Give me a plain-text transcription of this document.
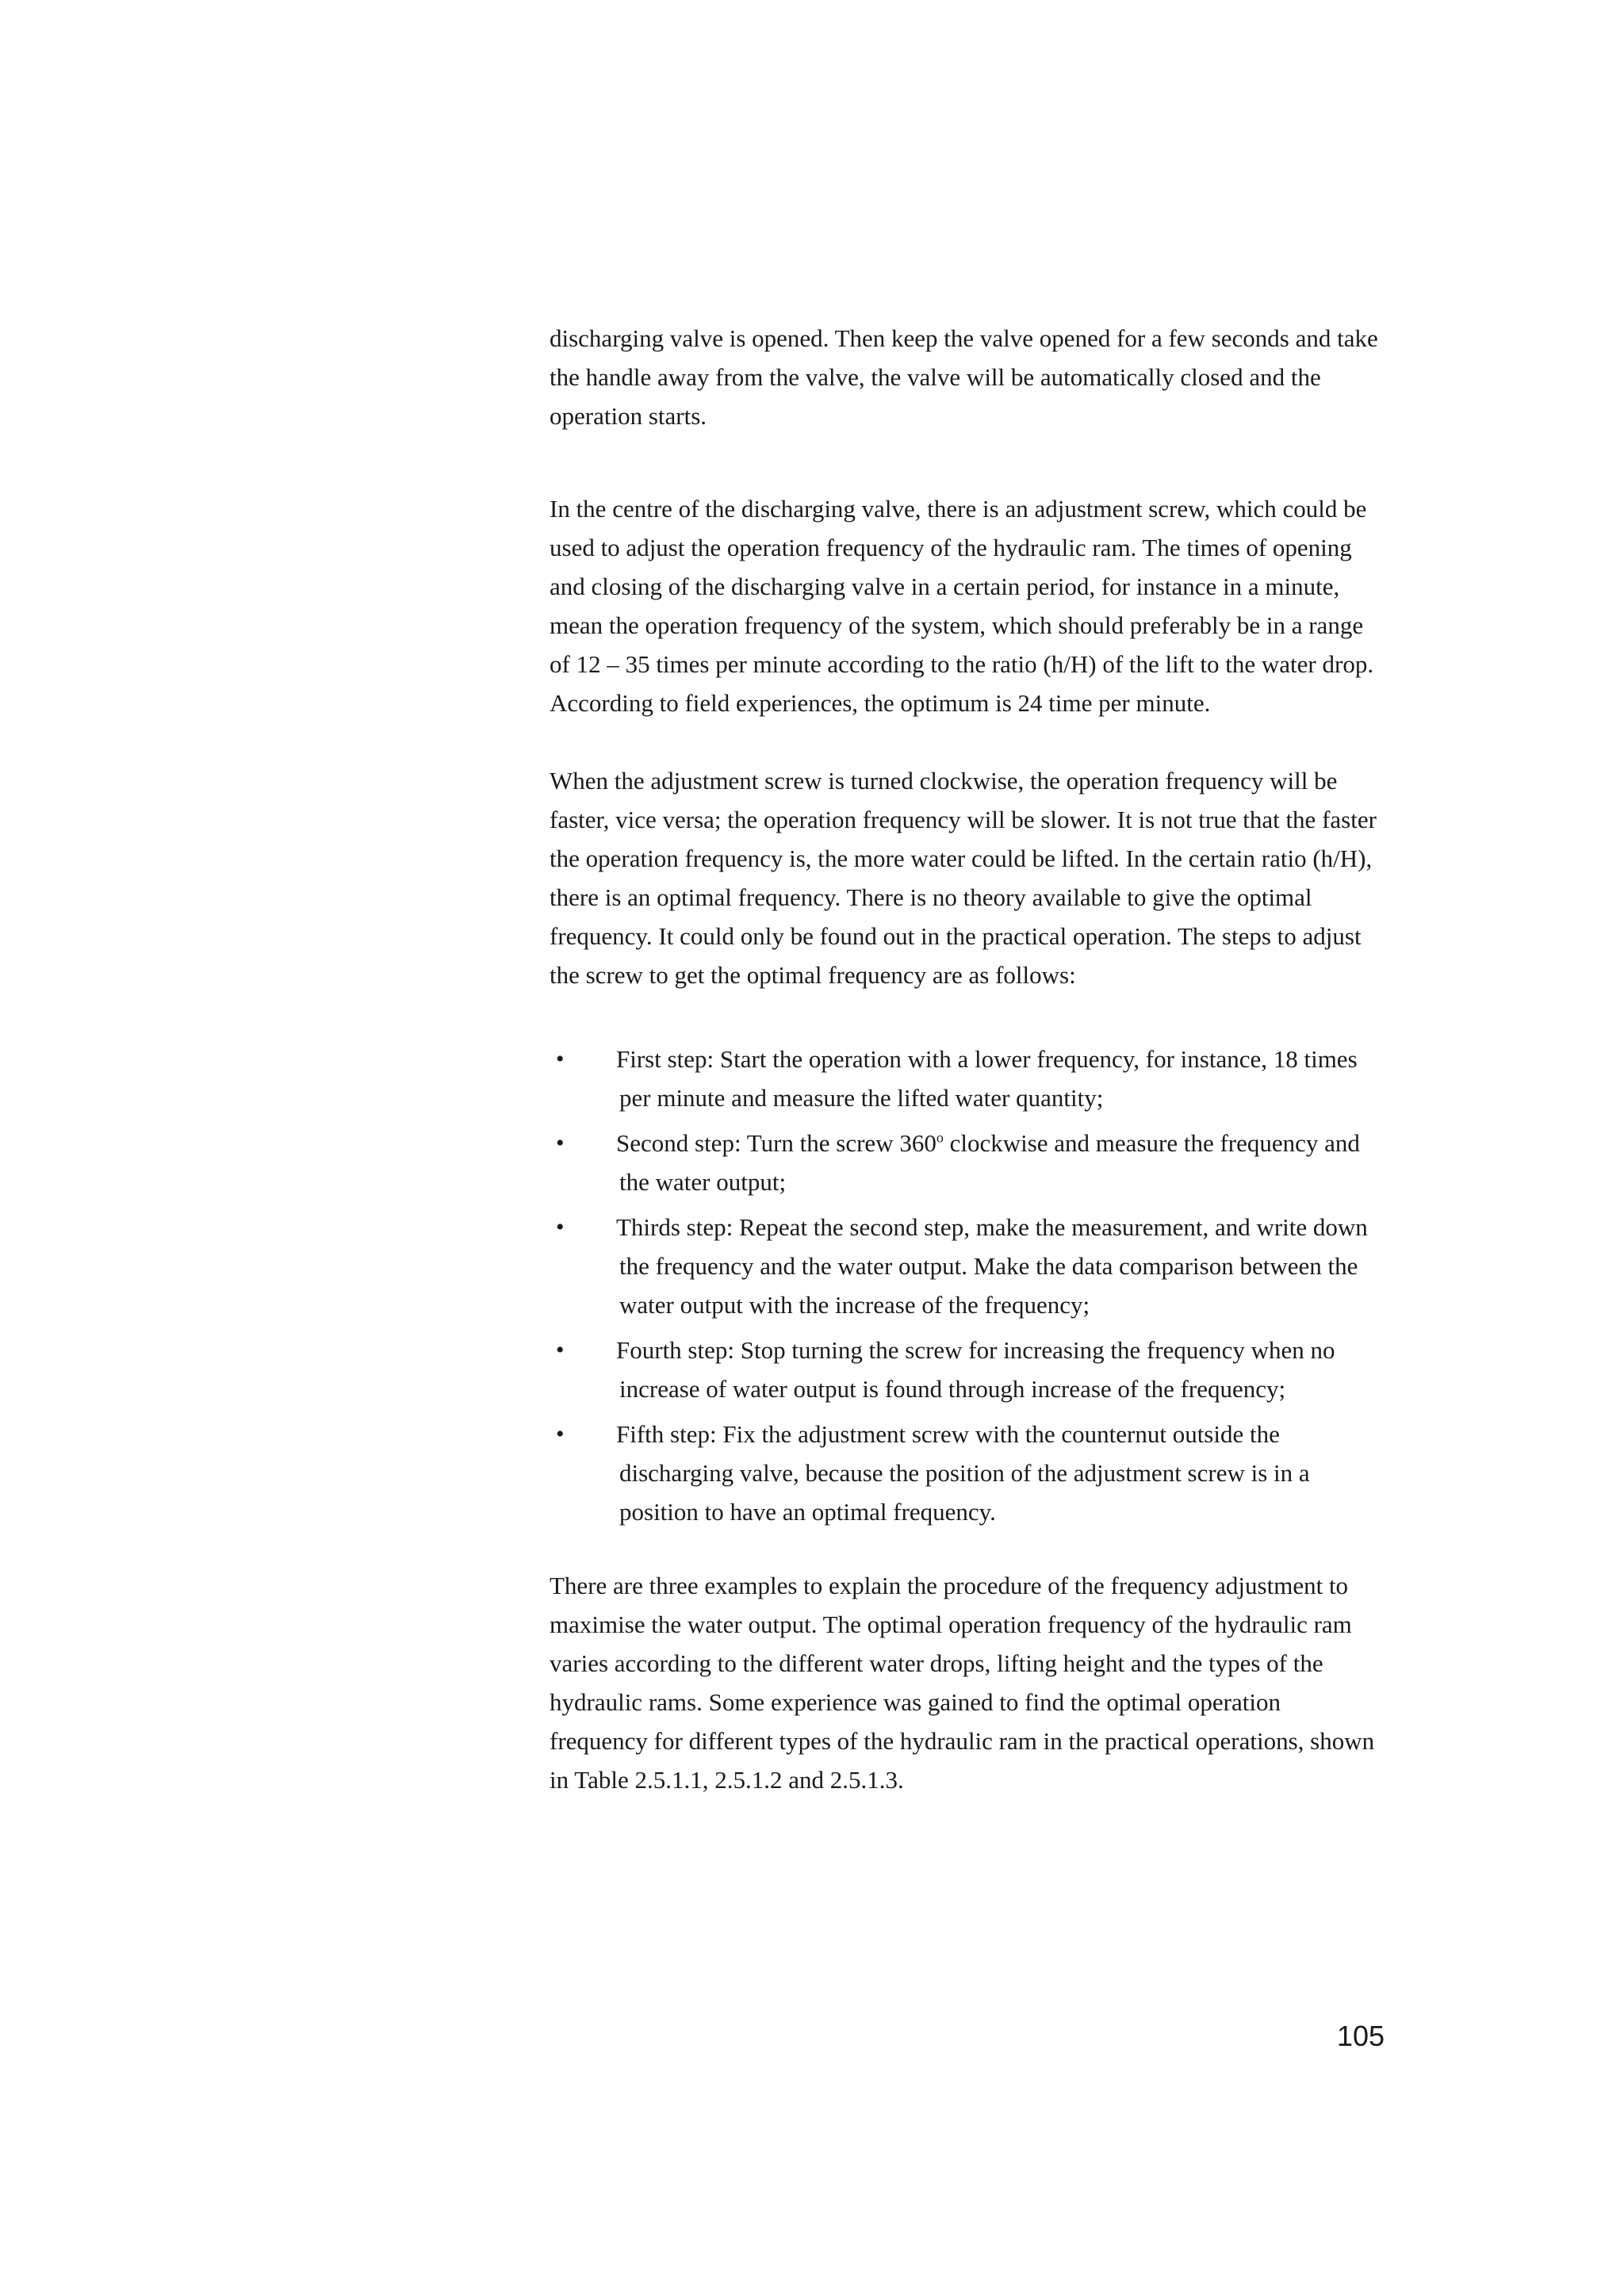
discharging valve is opened. Then keep the valve opened for a few seconds and take the handle away from the valve, the valve will be automatically closed and the operation starts.

In the centre of the discharging valve, there is an adjustment screw, which could be used to adjust the operation frequency of the hydraulic ram. The times of opening and closing of the discharging valve in a certain period, for instance in a minute, mean the operation frequency of the system, which should preferably be in a range of 12 – 35 times per minute according to the ratio (h/H) of the lift to the water drop. According to field experiences, the optimum is 24 time per minute.

When the adjustment screw is turned clockwise, the operation frequency will be faster, vice versa; the operation frequency will be slower. It is not true that the faster the operation frequency is, the more water could be lifted. In the certain ratio (h/H), there is an optimal frequency. There is no theory available to give the optimal frequency. It could only be found out in the practical operation. The steps to adjust the screw to get the optimal frequency are as follows:

• First step: Start the operation with a lower frequency, for instance, 18 times per minute and measure the lifted water quantity;
• Second step: Turn the screw 360$^o$ clockwise and measure the frequency and the water output;
• Thirds step: Repeat the second step, make the measurement, and write down the frequency and the water output. Make the data comparison between the water output with the increase of the frequency;
• Fourth step: Stop turning the screw for increasing the frequency when no increase of water output is found through increase of the frequency;
• Fifth step: Fix the adjustment screw with the counternut outside the discharging valve, because the position of the adjustment screw is in a position to have an optimal frequency.

There are three examples to explain the procedure of the frequency adjustment to maximise the water output. The optimal operation frequency of the hydraulic ram varies according to the different water drops, lifting height and the types of the hydraulic rams. Some experience was gained to find the optimal operation frequency for different types of the hydraulic ram in the practical operations, shown in Table 2.5.1.1, 2.5.1.2 and 2.5.1.3.

105
